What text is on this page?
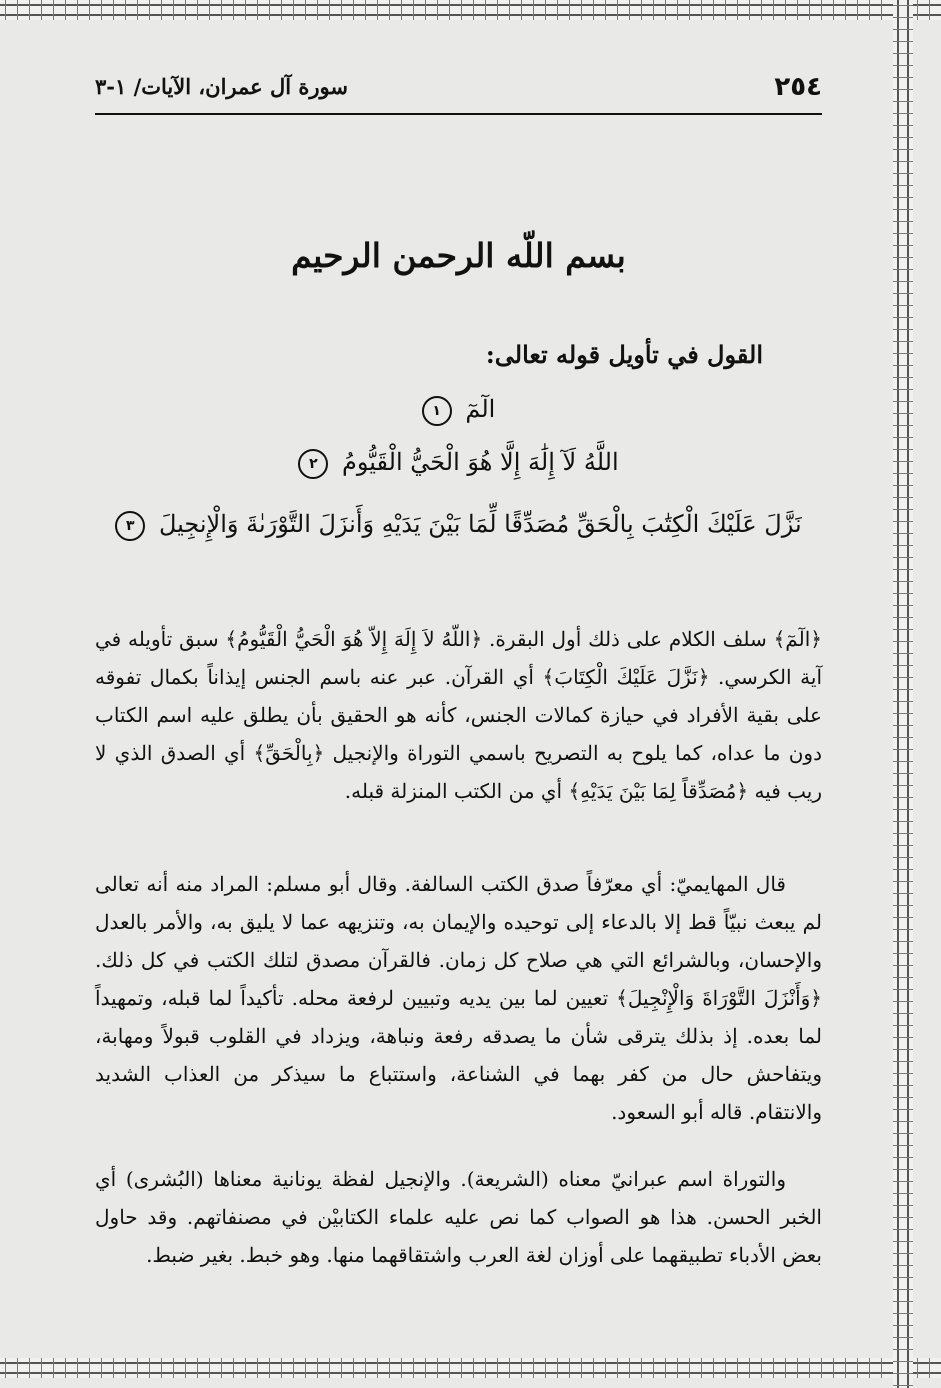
٢٥٤
سورة آل عمران، الآيات/ ١-٣
بسم اللّه الرحمن الرحيم
القول في تأويل قوله تعالى:
الٓمٓ ١
اللَّهُ لَآ إِلَٰهَ إِلَّا هُوَ الْحَيُّ الْقَيُّومُ ٢
نَزَّلَ عَلَيْكَ الْكِتَٰبَ بِالْحَقِّ مُصَدِّقًا لِّمَا بَيْنَ يَدَيْهِ وَأَنزَلَ التَّوْرَىٰةَ وَالْإِنجِيلَ ٣

﴿الٓمٓ﴾ سلف الكلام على ذلك أول البقرة. ﴿اللّهُ لاَ إِلَهَ إِلاّ هُوَ الْحَيُّ الْقَيُّومُ﴾ سبق تأويله في آية الكرسي. ﴿نَزَّلَ عَلَيْكَ الْكِتَابَ﴾ أي القرآن. عبر عنه باسم الجنس إيذاناً بكمال تفوقه على بقية الأفراد في حيازة كمالات الجنس، كأنه هو الحقيق بأن يطلق عليه اسم الكتاب دون ما عداه، كما يلوح به التصريح باسمي التوراة والإنجيل ﴿بِالْحَقِّ﴾ أي الصدق الذي لا ريب فيه ﴿مُصَدِّقاً لِمَا بَيْنَ يَدَيْهِ﴾ أي من الكتب المنزلة قبله.

قال المهايميّ: أي معرّفاً صدق الكتب السالفة. وقال أبو مسلم: المراد منه أنه تعالى لم يبعث نبيّاً قط إلا بالدعاء إلى توحيده والإيمان به، وتنزيهه عما لا يليق به، والأمر بالعدل والإحسان، وبالشرائع التي هي صلاح كل زمان. فالقرآن مصدق لتلك الكتب في كل ذلك. ﴿وَأَنْزَلَ التَّوْرَاةَ وَالْإِنْجِيلَ﴾ تعيين لما بين يديه وتبيين لرفعة محله. تأكيداً لما قبله، وتمهيداً لما بعده. إذ بذلك يترقى شأن ما يصدقه رفعة ونباهة، ويزداد في القلوب قبولاً ومهابة، ويتفاحش حال من كفر بهما في الشناعة، واستتباع ما سيذكر من العذاب الشديد والانتقام. قاله أبو السعود.

والتوراة اسم عبرانيّ معناه (الشريعة). والإنجيل لفظة يونانية معناها (البُشرى) أي الخبر الحسن. هذا هو الصواب كما نص عليه علماء الكتابيْن في مصنفاتهم. وقد حاول بعض الأدباء تطبيقهما على أوزان لغة العرب واشتقاقهما منها. وهو خبط. بغير ضبط.
